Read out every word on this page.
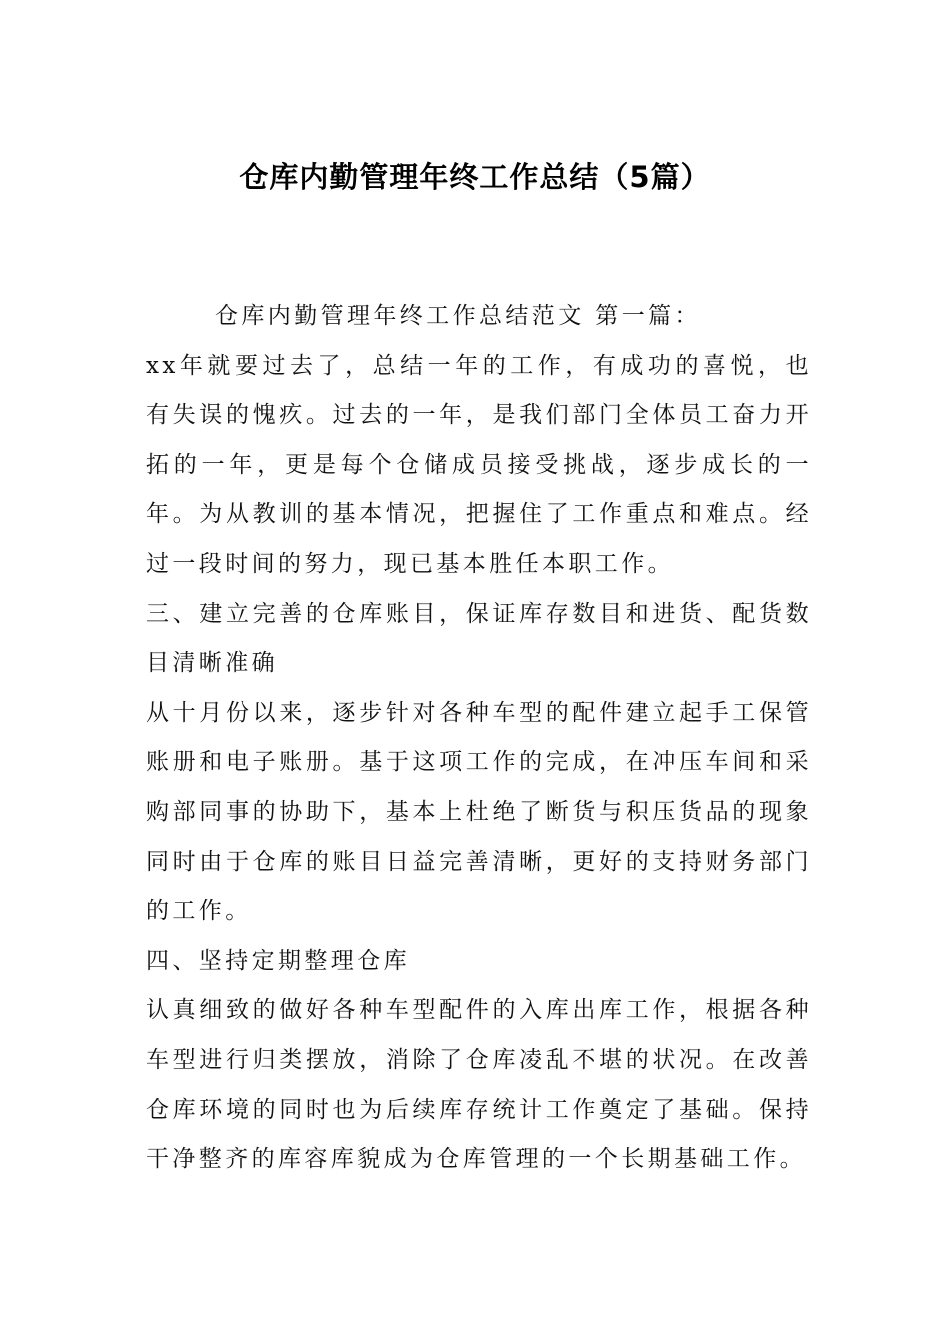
仓库内勤管理年终工作总结（5篇）

仓库内勤管理年终工作总结范文 第一篇：

xx年就要过去了，总结一年的工作，有成功的喜悦，也有失误的愧疚。过去的一年，是我们部门全体员工奋力开拓的一年，更是每个仓储成员接受挑战，逐步成长的一年。为从教训的基本情况，把握住了工作重点和难点。经过一段时间的努力，现已基本胜任本职工作。

三、建立完善的仓库账目，保证库存数目和进货、配货数目清晰准确

从十月份以来，逐步针对各种车型的配件建立起手工保管账册和电子账册。基于这项工作的完成，在冲压车间和采购部同事的协助下，基本上杜绝了断货与积压货品的现象同时由于仓库的账目日益完善清晰，更好的支持财务部门的工作。

四、坚持定期整理仓库

认真细致的做好各种车型配件的入库出库工作，根据各种车型进行归类摆放，消除了仓库凌乱不堪的状况。在改善仓库环境的同时也为后续库存统计工作奠定了基础。保持干净整齐的库容库貌成为仓库管理的一个长期基础工作。
